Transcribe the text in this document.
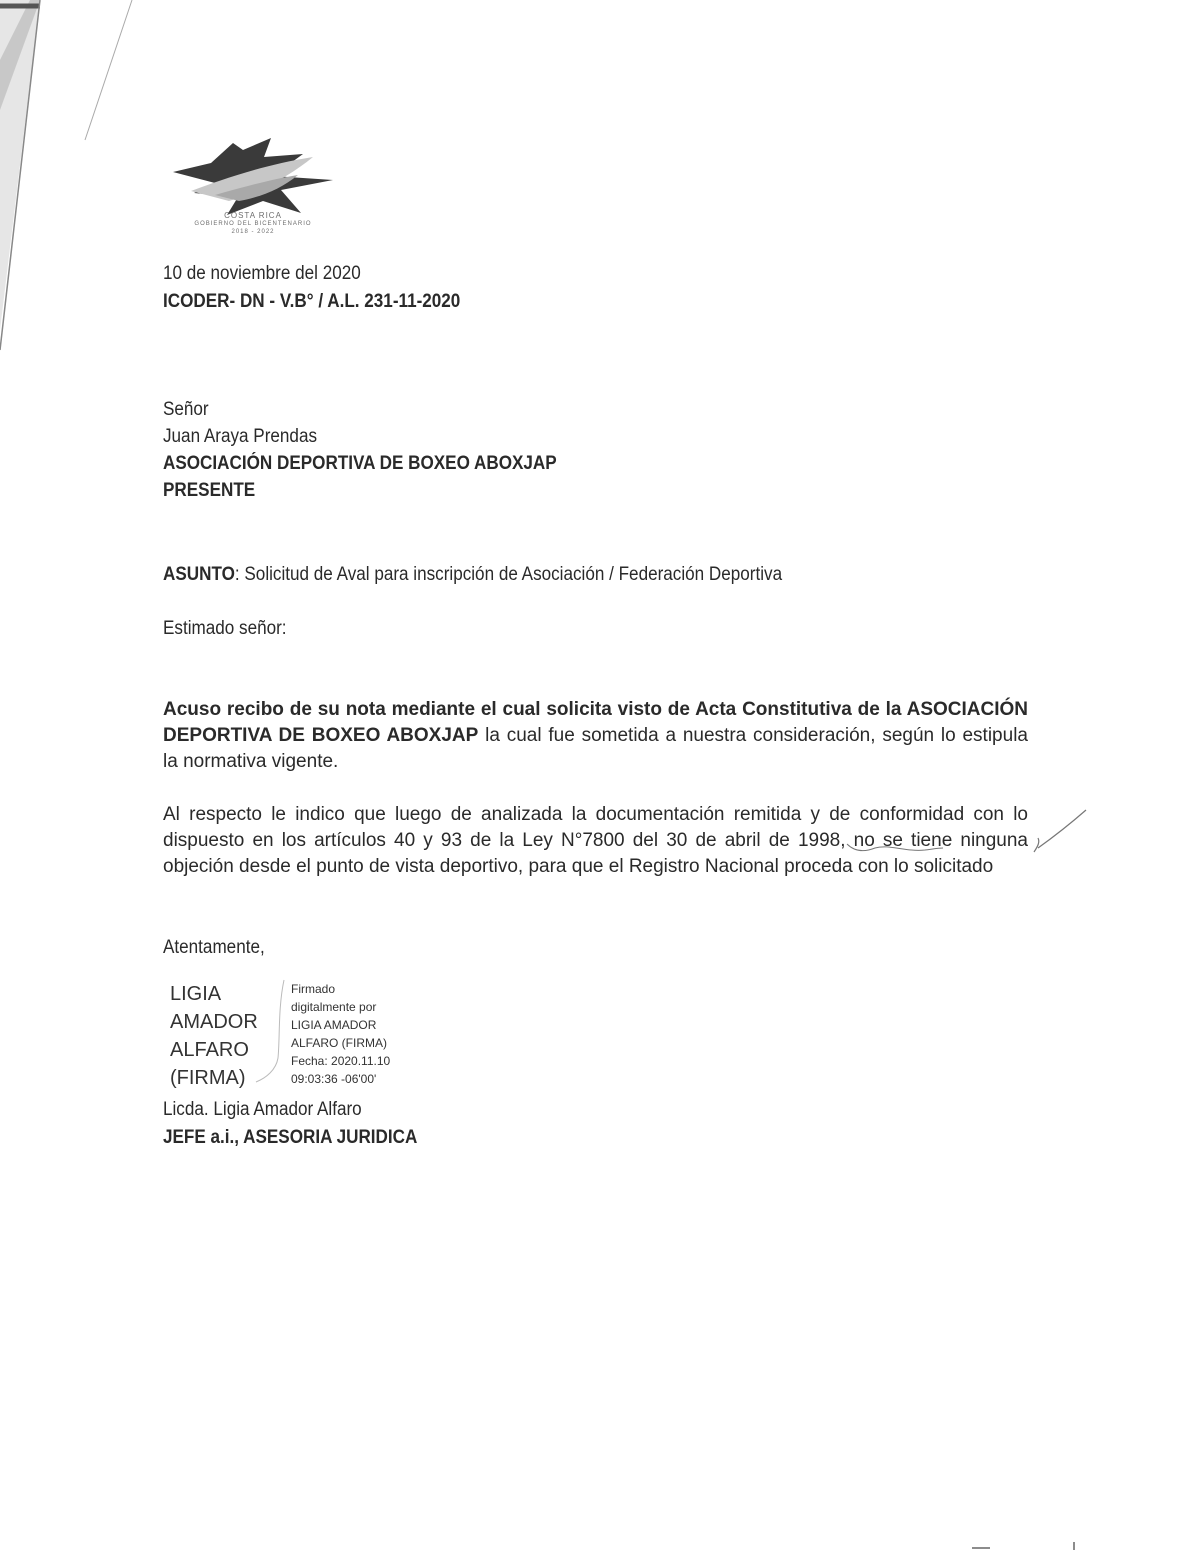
COSTA RICA
GOBIERNO DEL BICENTENARIO
2018 - 2022
10 de noviembre del 2020
ICODER- DN - V.B° / A.L. 231-11-2020
Señor
Juan Araya Prendas
ASOCIACIÓN DEPORTIVA DE BOXEO ABOXJAP
PRESENTE
ASUNTO: Solicitud de Aval para inscripción de Asociación / Federación Deportiva
Estimado señor:
Acuso recibo de su nota mediante el cual solicita visto de Acta Constitutiva de la ASOCIACIÓN DEPORTIVA DE BOXEO ABOXJAP la cual fue sometida a nuestra consideración, según lo estipula la normativa vigente.
Al respecto le indico que luego de analizada la documentación remitida y de conformidad con lo dispuesto en los artículos 40 y 93 de la Ley N°7800 del 30 de abril de 1998, no se tiene ninguna objeción desde el punto de vista deportivo, para que el Registro Nacional proceda con lo solicitado
Atentamente,
LIGIA
AMADOR
ALFARO
(FIRMA)
Firmado
digitalmente por
LIGIA AMADOR
ALFARO (FIRMA)
Fecha: 2020.11.10
09:03:36 -06'00'
Licda. Ligia Amador Alfaro
JEFE a.i., ASESORIA JURIDICA
